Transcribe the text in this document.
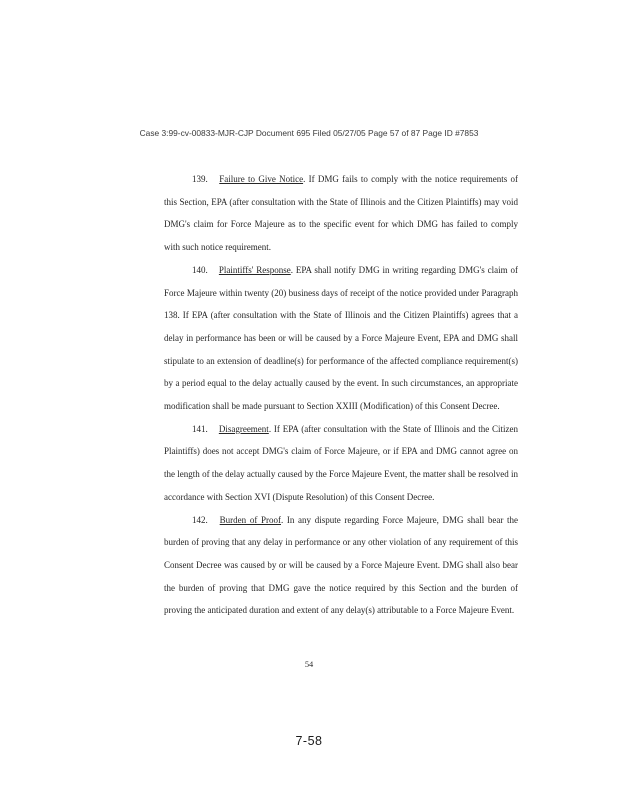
Case 3:99-cv-00833-MJR-CJP Document 695 Filed 05/27/05 Page 57 of 87 Page ID #7853

139. Failure to Give Notice. If DMG fails to comply with the notice requirements of this Section, EPA (after consultation with the State of Illinois and the Citizen Plaintiffs) may void DMG's claim for Force Majeure as to the specific event for which DMG has failed to comply with such notice requirement.

140. Plaintiffs' Response. EPA shall notify DMG in writing regarding DMG's claim of Force Majeure within twenty (20) business days of receipt of the notice provided under Paragraph 138. If EPA (after consultation with the State of Illinois and the Citizen Plaintiffs) agrees that a delay in performance has been or will be caused by a Force Majeure Event, EPA and DMG shall stipulate to an extension of deadline(s) for performance of the affected compliance requirement(s) by a period equal to the delay actually caused by the event. In such circumstances, an appropriate modification shall be made pursuant to Section XXIII (Modification) of this Consent Decree.

141. Disagreement. If EPA (after consultation with the State of Illinois and the Citizen Plaintiffs) does not accept DMG's claim of Force Majeure, or if EPA and DMG cannot agree on the length of the delay actually caused by the Force Majeure Event, the matter shall be resolved in accordance with Section XVI (Dispute Resolution) of this Consent Decree.

142. Burden of Proof. In any dispute regarding Force Majeure, DMG shall bear the burden of proving that any delay in performance or any other violation of any requirement of this Consent Decree was caused by or will be caused by a Force Majeure Event. DMG shall also bear the burden of proving that DMG gave the notice required by this Section and the burden of proving the anticipated duration and extent of any delay(s) attributable to a Force Majeure Event.

54
7-58
